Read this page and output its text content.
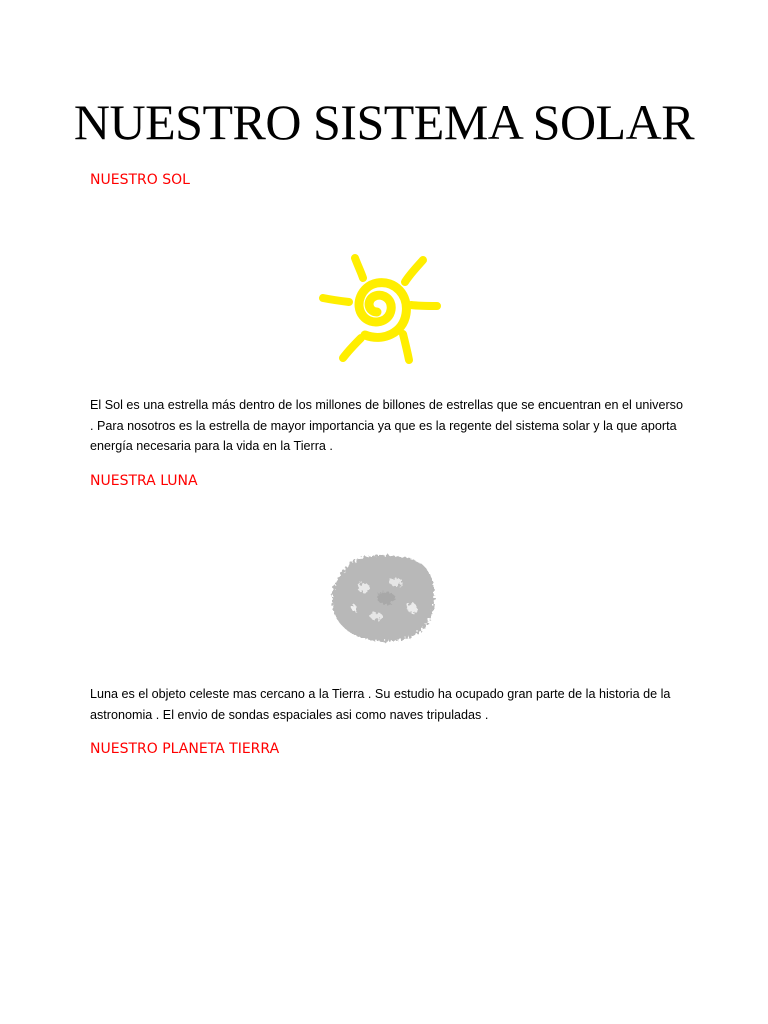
NUESTRO SISTEMA SOLAR
NUESTRO SOL
El Sol es una estrella más dentro de los millones de billones de estrellas que se encuentran en el universo
. Para nosotros es la estrella de mayor importancia ya que es la regente del sistema solar y la que aporta
energía necesaria para la vida en la Tierra .
NUESTRA LUNA
Luna es el objeto celeste mas cercano a la Tierra . Su estudio ha ocupado gran parte de la historia de la
astronomia . El envio de sondas espaciales asi como naves tripuladas .
NUESTRO PLANETA TIERRA
